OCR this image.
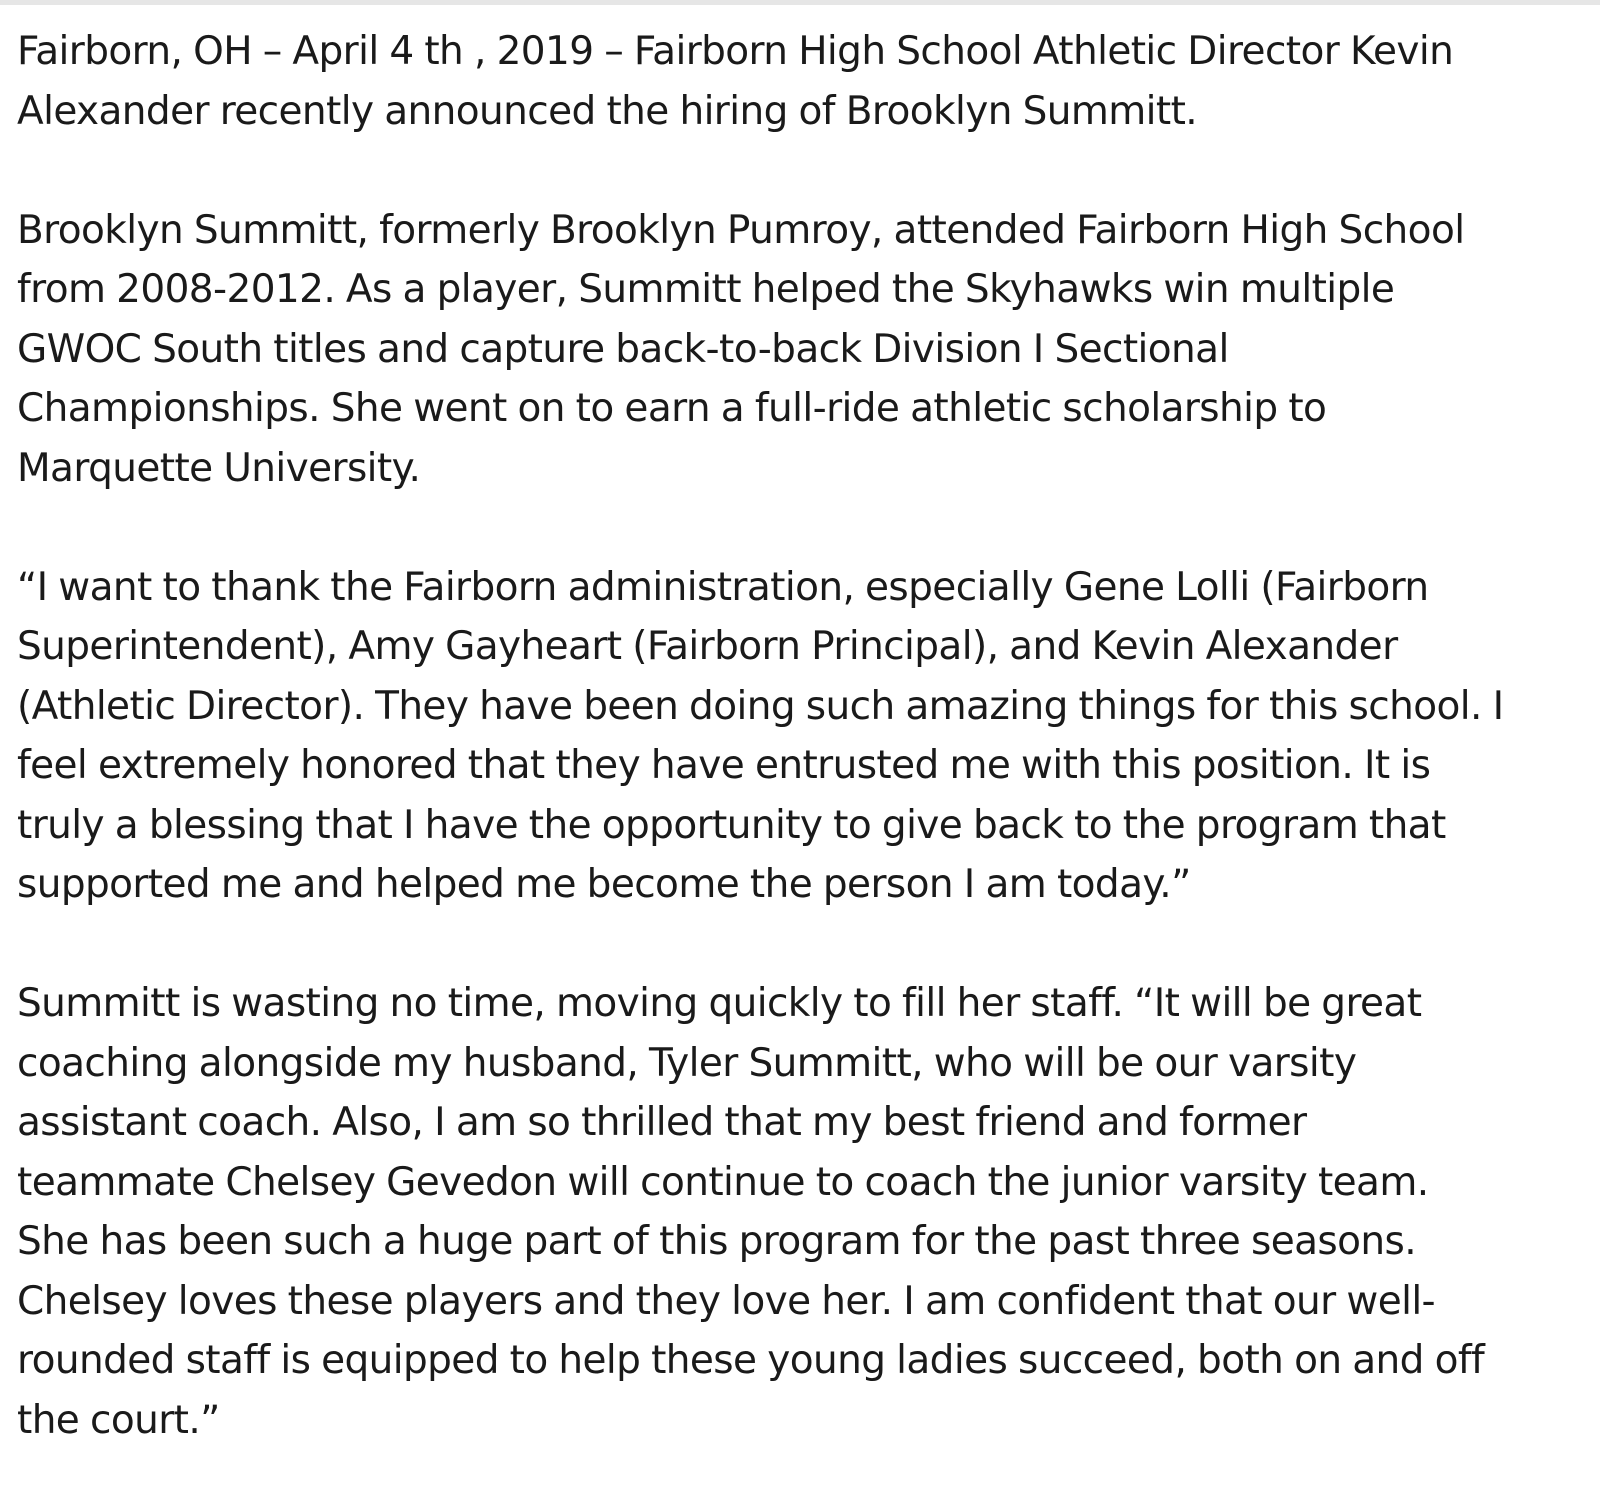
Fairborn, OH – April 4 th , 2019 – Fairborn High School Athletic Director Kevin
Alexander recently announced the hiring of Brooklyn Summitt.

Brooklyn Summitt, formerly Brooklyn Pumroy, attended Fairborn High School
from 2008-2012. As a player, Summitt helped the Skyhawks win multiple
GWOC South titles and capture back-to-back Division I Sectional
Championships. She went on to earn a full-ride athletic scholarship to
Marquette University.

“I want to thank the Fairborn administration, especially Gene Lolli (Fairborn
Superintendent), Amy Gayheart (Fairborn Principal), and Kevin Alexander
(Athletic Director). They have been doing such amazing things for this school. I
feel extremely honored that they have entrusted me with this position. It is
truly a blessing that I have the opportunity to give back to the program that
supported me and helped me become the person I am today.”

Summitt is wasting no time, moving quickly to fill her staff. “It will be great
coaching alongside my husband, Tyler Summitt, who will be our varsity
assistant coach. Also, I am so thrilled that my best friend and former
teammate Chelsey Gevedon will continue to coach the junior varsity team.
She has been such a huge part of this program for the past three seasons.
Chelsey loves these players and they love her. I am confident that our well-
rounded staff is equipped to help these young ladies succeed, both on and off
the court.”
